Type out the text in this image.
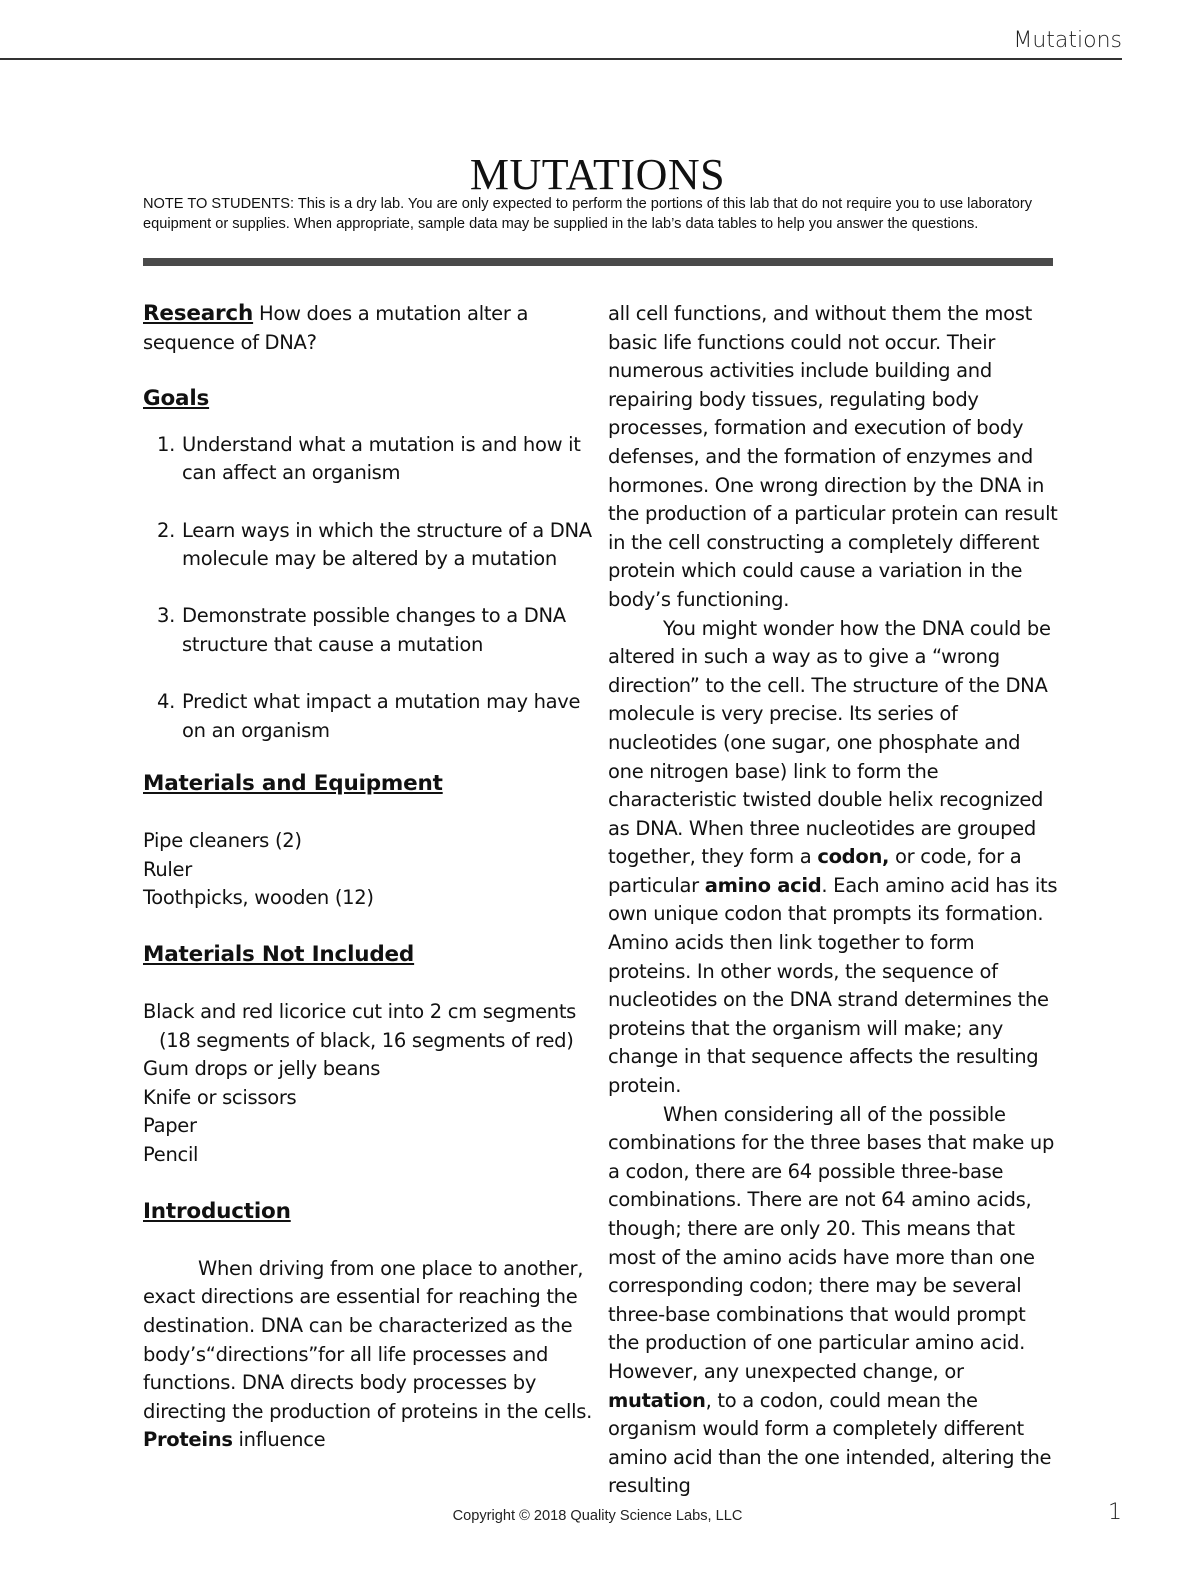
Mutations
MUTATIONS
NOTE TO STUDENTS: This is a dry lab. You are only expected to perform the portions of this lab that do not require you to use laboratory equipment or supplies. When appropriate, sample data may be supplied in the lab’s data tables to help you answer the questions.

Research How does a mutation alter a sequence of DNA?

Goals

1. Understand what a mutation is and how it can affect an organism
2. Learn ways in which the structure of a DNA molecule may be altered by a mutation
3. Demonstrate possible changes to a DNA structure that cause a mutation
4. Predict what impact a mutation may have on an organism

Materials and Equipment

Pipe cleaners (2)
Ruler
Toothpicks, wooden (12)

Materials Not Included

Black and red licorice cut into 2 cm segments
(18 segments of black, 16 segments of red)
Gum drops or jelly beans
Knife or scissors
Paper
Pencil

Introduction

When driving from one place to another, exact directions are essential for reaching the destination. DNA can be characterized as the body’s“directions”for all life processes and functions. DNA directs body processes by directing the production of proteins in the cells. Proteins influence

all cell functions, and without them the most basic life functions could not occur. Their numerous activities include building and repairing body tissues, regulating body processes, formation and execution of body defenses, and the formation of enzymes and hormones. One wrong direction by the DNA in the production of a particular protein can result in the cell constructing a completely different protein which could cause a variation in the body’s functioning.

You might wonder how the DNA could be altered in such a way as to give a “wrong direction” to the cell. The structure of the DNA molecule is very precise. Its series of nucleotides (one sugar, one phosphate and one nitrogen base) link to form the characteristic twisted double helix recognized as DNA. When three nucleotides are grouped together, they form a codon, or code, for a particular amino acid. Each amino acid has its own unique codon that prompts its formation. Amino acids then link together to form proteins. In other words, the sequence of nucleotides on the DNA strand determines the proteins that the organism will make; any change in that sequence affects the resulting protein.

When considering all of the possible combinations for the three bases that make up a codon, there are 64 possible three-base combinations. There are not 64 amino acids, though; there are only 20. This means that most of the amino acids have more than one corresponding codon; there may be several three-base combinations that would prompt the production of one particular amino acid. However, any unexpected change, or mutation, to a codon, could mean the organism would form a completely different amino acid than the one intended, altering the resulting

Copyright © 2018 Quality Science Labs, LLC	1
